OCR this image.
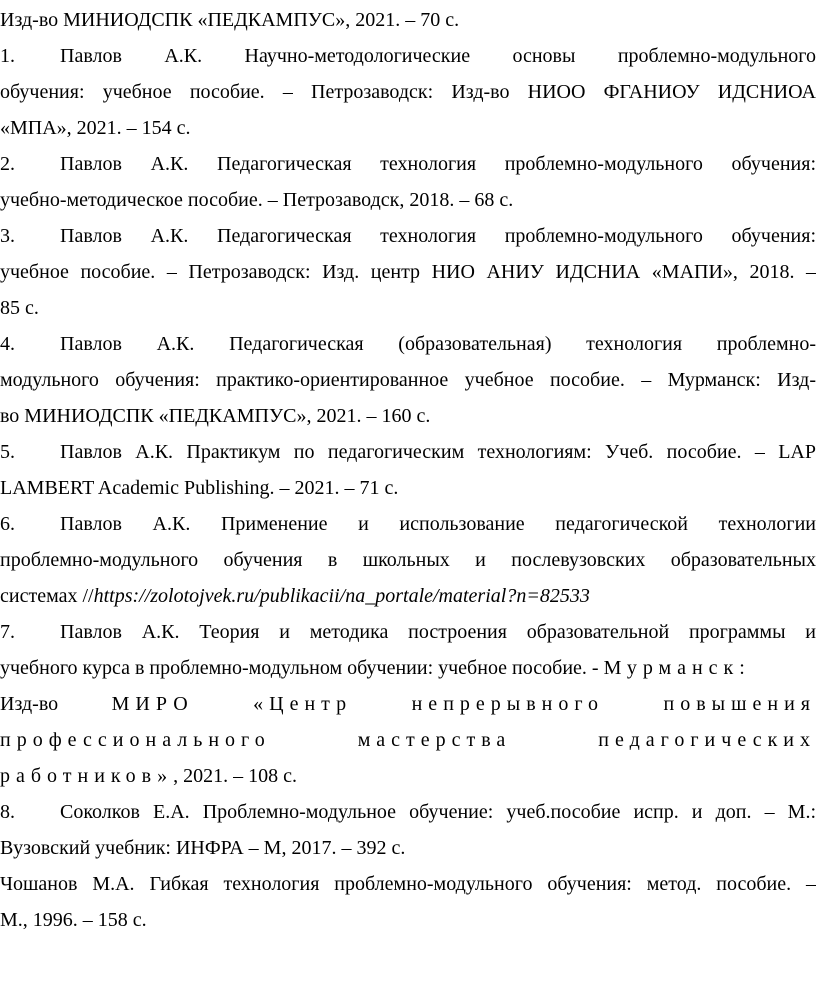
Изд-во МИНИОДСПК «ПЕДКАМПУС», 2021. – 70 с.
1. Павлов А.К. Научно-методологические основы проблемно-модульного
обучения: учебное пособие. – Петрозаводск: Изд-во НИОО ФГАНИОУ ИДСНИОА
«МПА», 2021. – 154 с.
2. Павлов А.К. Педагогическая технология проблемно-модульного обучения:
учебно-методическое пособие. – Петрозаводск, 2018. – 68 с.
3. Павлов А.К. Педагогическая технология проблемно-модульного обучения:
учебное пособие. – Петрозаводск: Изд. центр НИО АНИУ ИДСНИА «МАПИ», 2018. –
85 с.
4. Павлов А.К. Педагогическая (образовательная) технология проблемно-
модульного обучения: практико-ориентированное учебное пособие. – Мурманск: Изд-
во МИНИОДСПК «ПЕДКАМПУС», 2021. – 160 с.
5. Павлов А.К. Практикум по педагогическим технологиям: Учеб. пособие. – LAP
LAMBERT Academic Publishing. – 2021. – 71 с.
6. Павлов А.К. Применение и использование педагогической технологии
проблемно-модульного обучения в школьных и послевузовских образовательных
системах //https://zolotojvek.ru/publikacii/na_portale/material?n=82533
7. Павлов А.К. Теория и методика построения образовательной программы и
учебного курса в проблемно-модульном обучении: учебное пособие. - Мурманск:
Изд-во МИРО «Центр непрерывного повышения
профессионального мастерства педагогических
работников», 2021. – 108 с.
8. Соколков Е.А. Проблемно-модульное обучение: учеб.пособие испр. и доп. – М.:
Вузовский учебник: ИНФРА – М, 2017. – 392 с.
Чошанов М.А. Гибкая технология проблемно-модульного обучения: метод. пособие. –
М., 1996. – 158 с.
